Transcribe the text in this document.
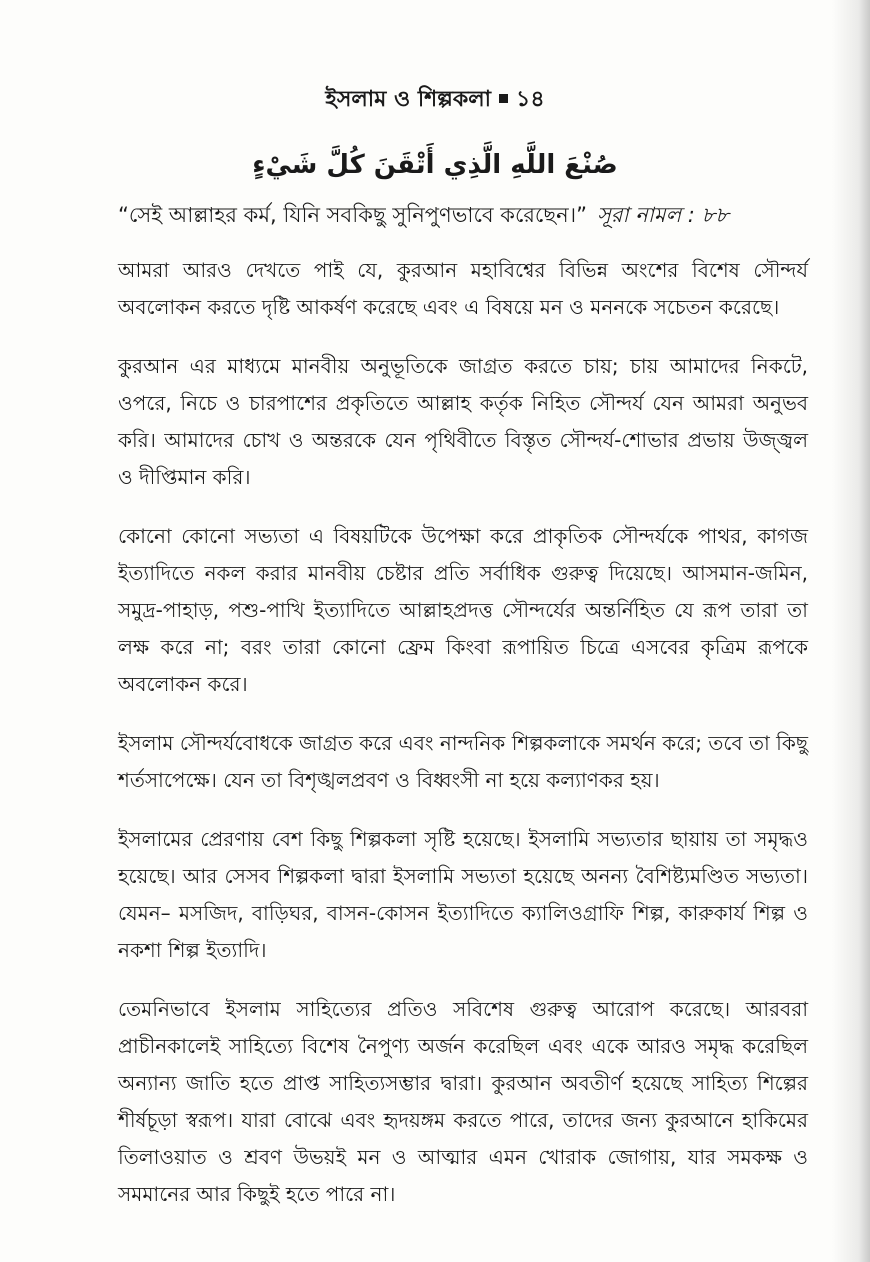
ইসলাম ও শিল্পকলা ১৪
صُنْعَ اللَّهِ الَّذِي أَتْقَنَ كُلَّ شَيْءٍ
“সেই আল্লাহর কর্ম, যিনি সবকিছু সুনিপুণভাবে করেছেন।” সূরা নামল : ৮৮

আমরা আরও দেখতে পাই যে, কুরআন মহাবিশ্বের বিভিন্ন অংশের বিশেষ সৌন্দর্য অবলোকন করতে দৃষ্টি আকর্ষণ করেছে এবং এ বিষয়ে মন ও মননকে সচেতন করেছে।

কুরআন এর মাধ্যমে মানবীয় অনুভূতিকে জাগ্রত করতে চায়; চায় আমাদের নিকটে, ওপরে, নিচে ও চারপাশের প্রকৃতিতে আল্লাহ কর্তৃক নিহিত সৌন্দর্য যেন আমরা অনুভব করি। আমাদের চোখ ও অন্তরকে যেন পৃথিবীতে বিস্তৃত সৌন্দর্য-শোভার প্রভায় উজ্জ্বল ও দীপ্তিমান করি।

কোনো কোনো সভ্যতা এ বিষয়টিকে উপেক্ষা করে প্রাকৃতিক সৌন্দর্যকে পাথর, কাগজ ইত্যাদিতে নকল করার মানবীয় চেষ্টার প্রতি সর্বাধিক গুরুত্ব দিয়েছে। আসমান-জমিন, সমুদ্র-পাহাড়, পশু-পাখি ইত্যাদিতে আল্লাহপ্রদত্ত সৌন্দর্যের অন্তর্নিহিত যে রূপ তারা তা লক্ষ করে না; বরং তারা কোনো ফ্রেম কিংবা রূপায়িত চিত্রে এসবের কৃত্রিম রূপকে অবলোকন করে।

ইসলাম সৌন্দর্যবোধকে জাগ্রত করে এবং নান্দনিক শিল্পকলাকে সমর্থন করে; তবে তা কিছু শর্তসাপেক্ষে। যেন তা বিশৃঙ্খলপ্রবণ ও বিধ্বংসী না হয়ে কল্যাণকর হয়।

ইসলামের প্রেরণায় বেশ কিছু শিল্পকলা সৃষ্টি হয়েছে। ইসলামি সভ্যতার ছায়ায় তা সমৃদ্ধও হয়েছে। আর সেসব শিল্পকলা দ্বারা ইসলামি সভ্যতা হয়েছে অনন্য বৈশিষ্ট্যমণ্ডিত সভ্যতা। যেমন– মসজিদ, বাড়িঘর, বাসন-কোসন ইত্যাদিতে ক্যালিওগ্রাফি শিল্প, কারুকার্য শিল্প ও নকশা শিল্প ইত্যাদি।

তেমনিভাবে ইসলাম সাহিত্যের প্রতিও সবিশেষ গুরুত্ব আরোপ করেছে। আরবরা প্রাচীনকালেই সাহিত্যে বিশেষ নৈপুণ্য অর্জন করেছিল এবং একে আরও সমৃদ্ধ করেছিল অন্যান্য জাতি হতে প্রাপ্ত সাহিত্যসম্ভার দ্বারা। কুরআন অবতীর্ণ হয়েছে সাহিত্য শিল্পের শীর্ষচূড়া স্বরূপ। যারা বোঝে এবং হৃদয়ঙ্গম করতে পারে, তাদের জন্য কুরআনে হাকিমের তিলাওয়াত ও শ্রবণ উভয়ই মন ও আত্মার এমন খোরাক জোগায়, যার সমকক্ষ ও সমমানের আর কিছুই হতে পারে না।
